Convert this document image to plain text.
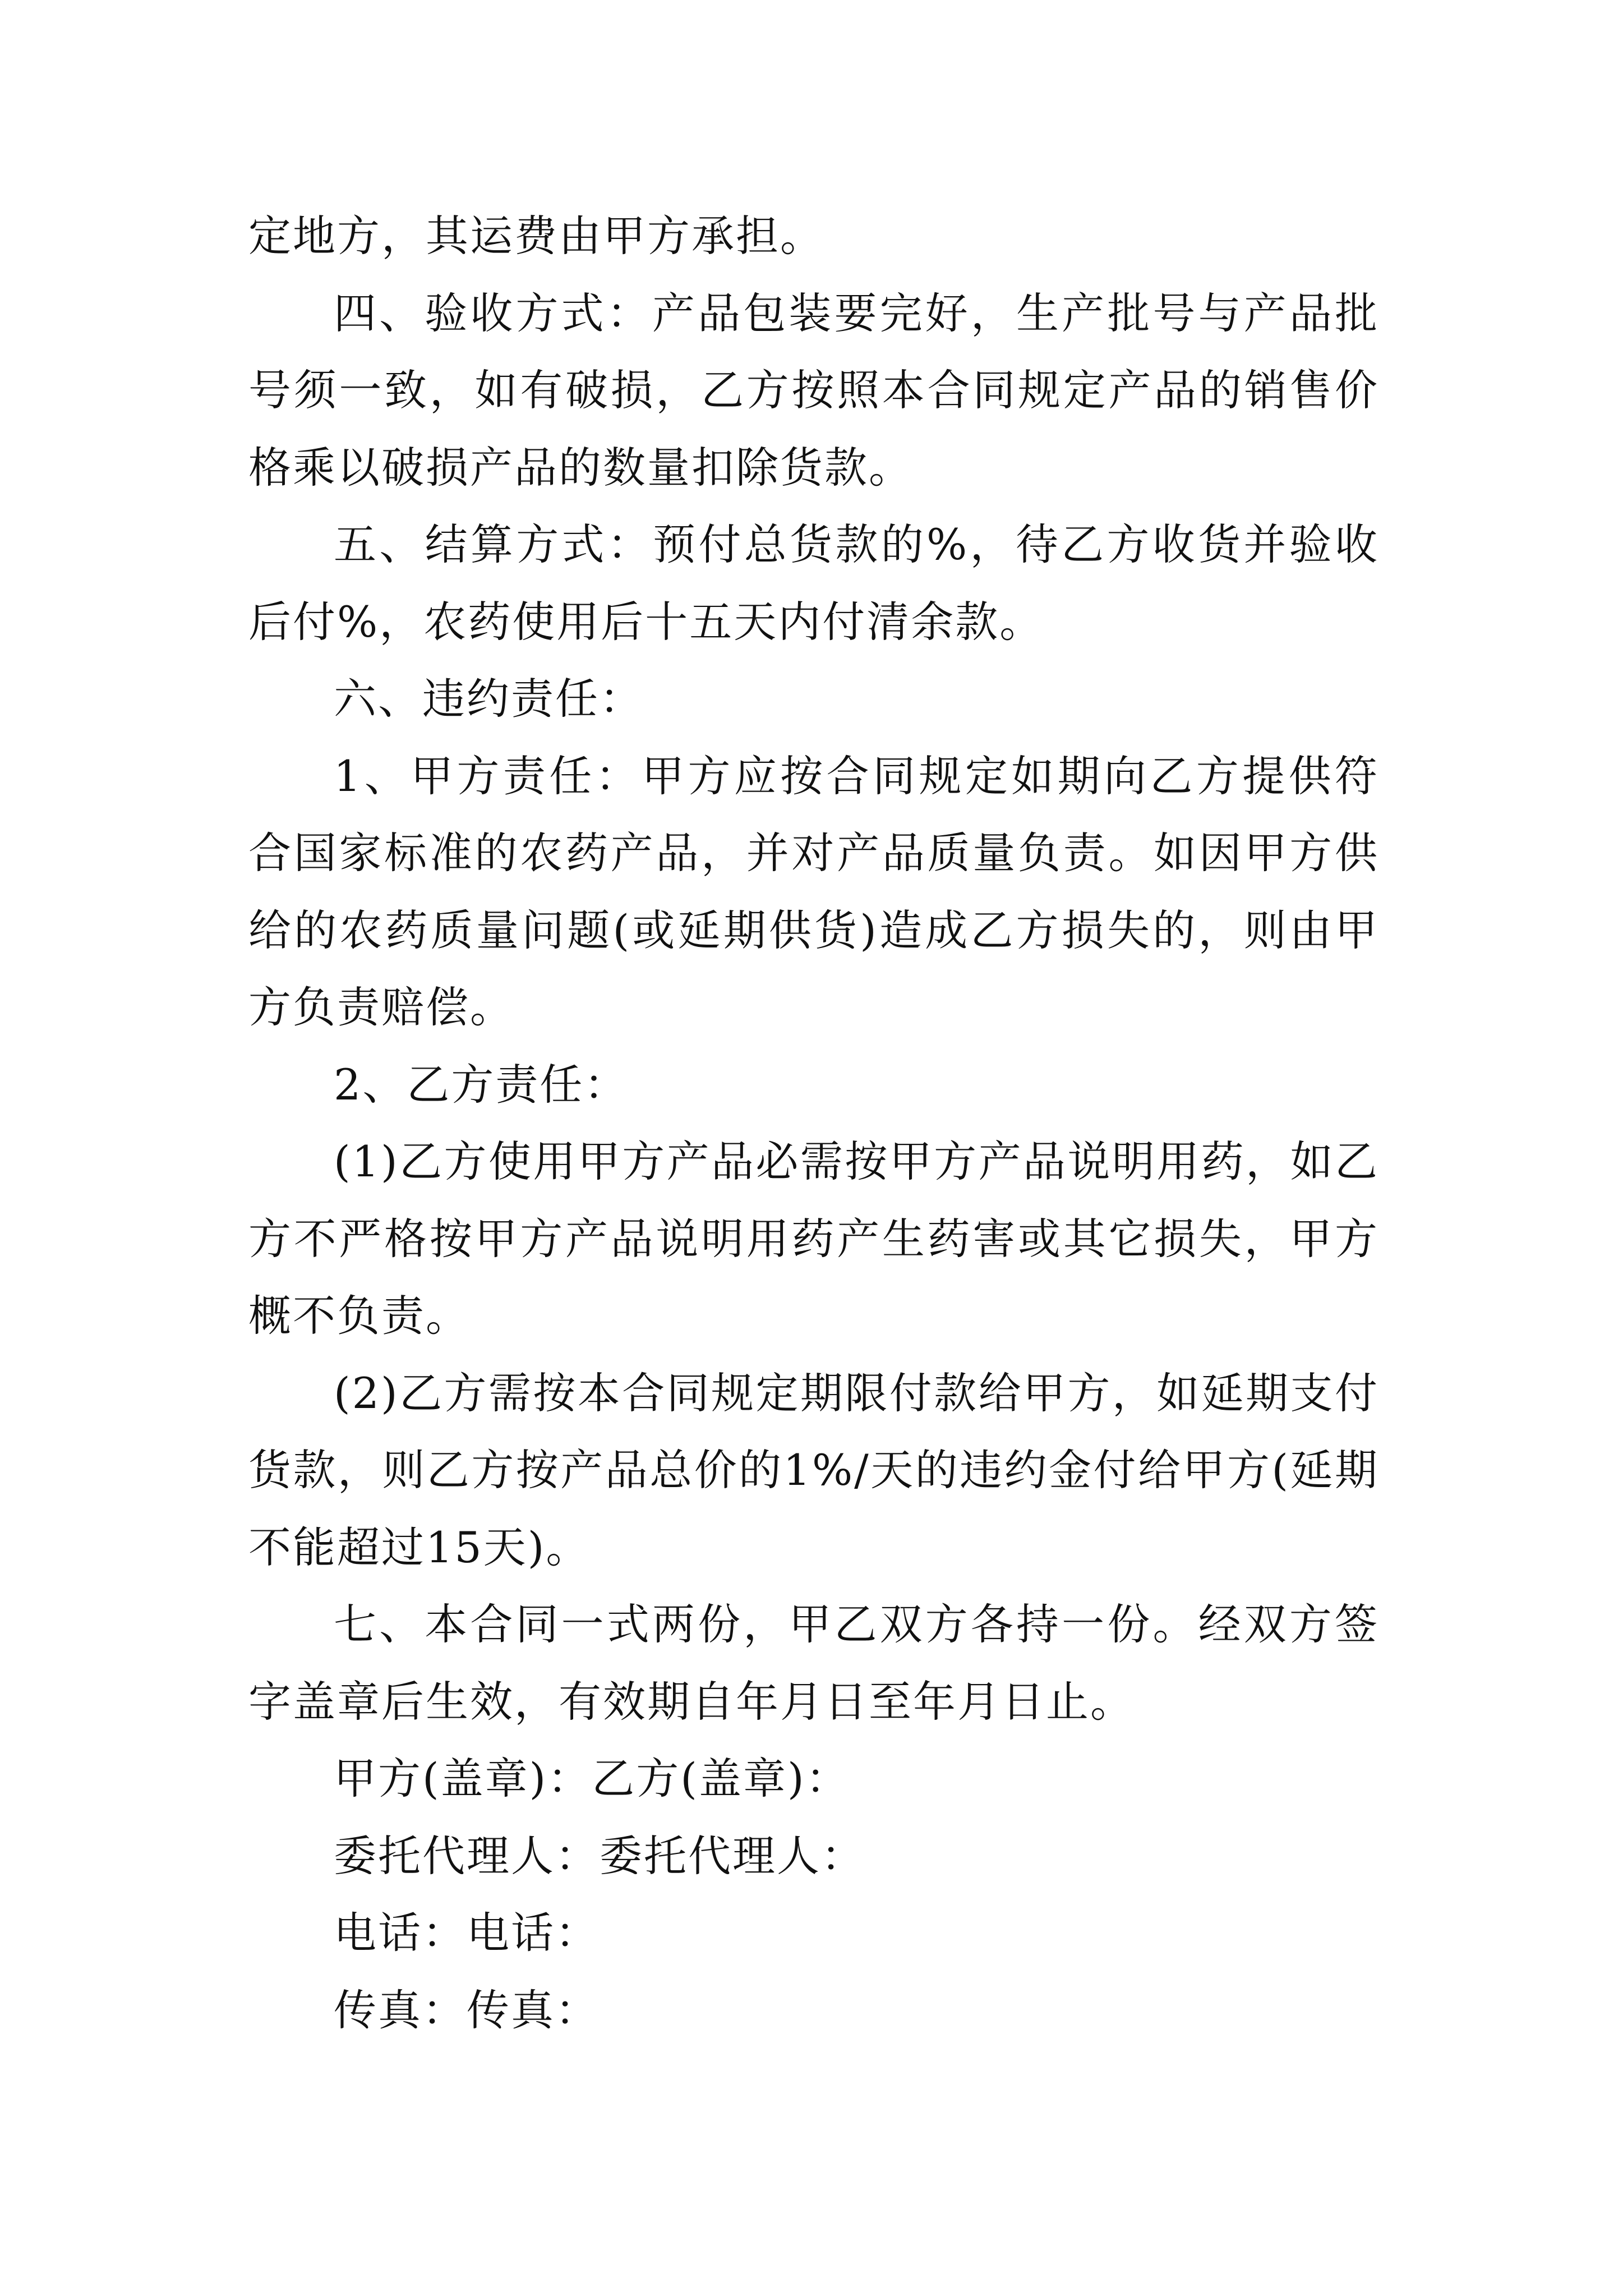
定地方，其运费由甲方承担。

四、验收方式：产品包装要完好，生产批号与产品批号须一致，如有破损，乙方按照本合同规定产品的销售价格乘以破损产品的数量扣除货款。

五、结算方式：预付总货款的%，待乙方收货并验收后付%，农药使用后十五天内付清余款。

六、违约责任：

1、甲方责任：甲方应按合同规定如期向乙方提供符合国家标准的农药产品，并对产品质量负责。如因甲方供给的农药质量问题(或延期供货)造成乙方损失的，则由甲方负责赔偿。

2、乙方责任：

(1)乙方使用甲方产品必需按甲方产品说明用药，如乙方不严格按甲方产品说明用药产生药害或其它损失，甲方概不负责。

(2)乙方需按本合同规定期限付款给甲方，如延期支付货款，则乙方按产品总价的1%/天的违约金付给甲方(延期不能超过15天)。

七、本合同一式两份，甲乙双方各持一份。经双方签字盖章后生效，有效期自年月日至年月日止。

甲方(盖章)：乙方(盖章)：

委托代理人：委托代理人：

电话：电话：

传真：传真：
